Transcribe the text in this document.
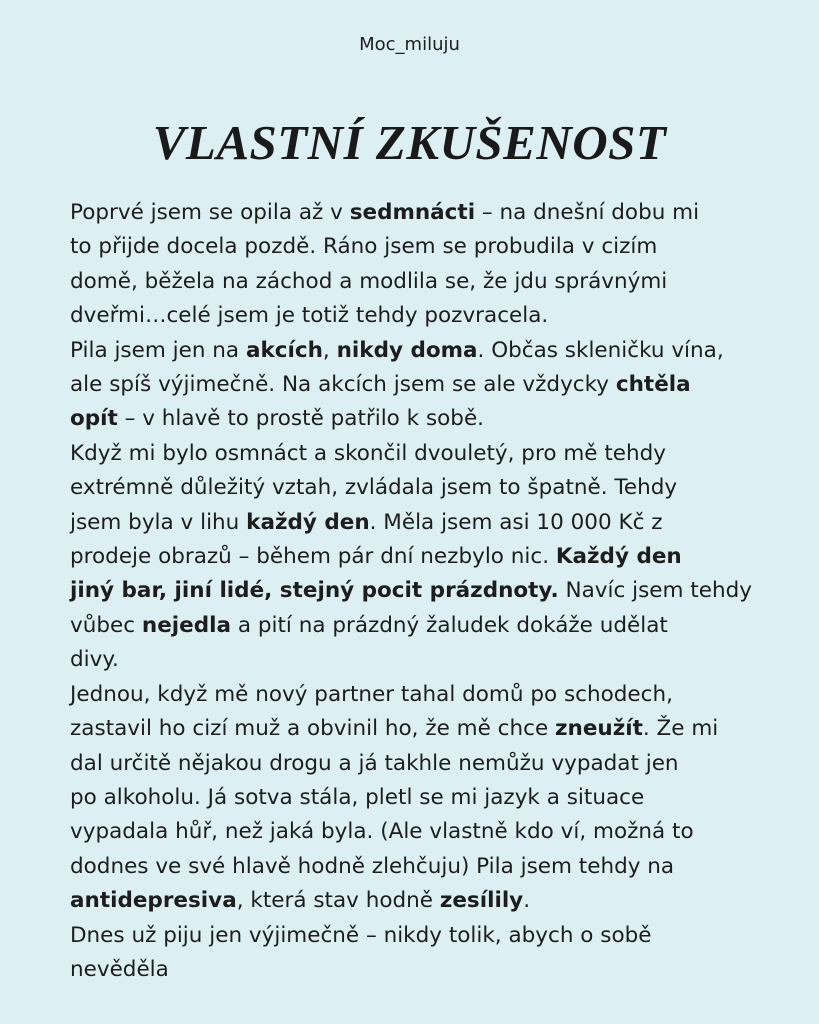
Moc_miluju
VLASTNÍ ZKUŠENOST

Poprvé jsem se opila až v sedmnácti – na dnešní dobu mi
to přijde docela pozdě. Ráno jsem se probudila v cizím
domě, běžela na záchod a modlila se, že jdu správnými
dveřmi…celé jsem je totiž tehdy pozvracela.

Pila jsem jen na akcích, nikdy doma. Občas skleničku vína,
ale spíš výjimečně. Na akcích jsem se ale vždycky chtěla
opít – v hlavě to prostě patřilo k sobě.

Když mi bylo osmnáct a skončil dvouletý, pro mě tehdy
extrémně důležitý vztah, zvládala jsem to špatně. Tehdy
jsem byla v lihu každý den. Měla jsem asi 10 000 Kč z
prodeje obrazů – během pár dní nezbylo nic. Každý den
jiný bar, jiní lidé, stejný pocit prázdnoty. Navíc jsem tehdy
vůbec nejedla a pití na prázdný žaludek dokáže udělat
divy.

Jednou, když mě nový partner tahal domů po schodech,
zastavil ho cizí muž a obvinil ho, že mě chce zneužít. Že mi
dal určitě nějakou drogu a já takhle nemůžu vypadat jen
po alkoholu. Já sotva stála, pletl se mi jazyk a situace
vypadala hůř, než jaká byla. (Ale vlastně kdo ví, možná to
dodnes ve své hlavě hodně zlehčuju) Pila jsem tehdy na
antidepresiva, která stav hodně zesílily.

Dnes už piju jen výjimečně – nikdy tolik, abych o sobě
nevěděla
